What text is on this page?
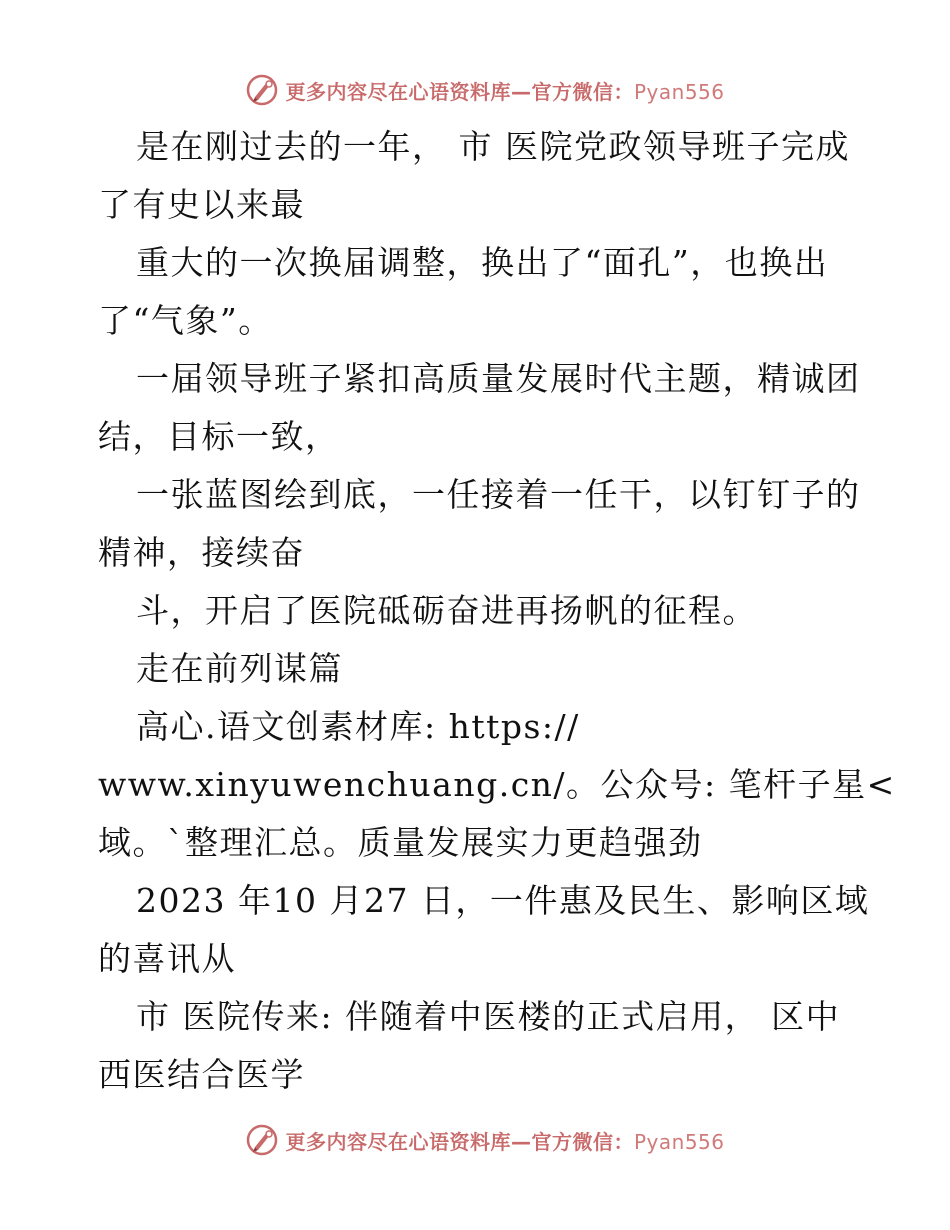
更多内容尽在心语资料库—官方微信：Pyan556
是在刚过去的一年， 市 医院党政领导班子完成
了有史以来最
重大的一次换届调整，换出了“面孔”，也换出
了“气象”。
一届领导班子紧扣高质量发展时代主题，精诚团
结，目标一致，
一张蓝图绘到底，一任接着一任干，以钉钉子的
精神，接续奋
斗，开启了医院砥砺奋进再扬帆的征程。
走在前列谋篇
高心.语文创素材库: https://
www.xinyuwenchuang.cn/。公众号: 笔杆子星<
域。`整理汇总。质量发展实力更趋强劲
2023 年10 月27 日，一件惠及民生、影响区域
的喜讯从
市 医院传来: 伴随着中医楼的正式启用， 区中
西医结合医学
更多内容尽在心语资料库—官方微信：Pyan556
